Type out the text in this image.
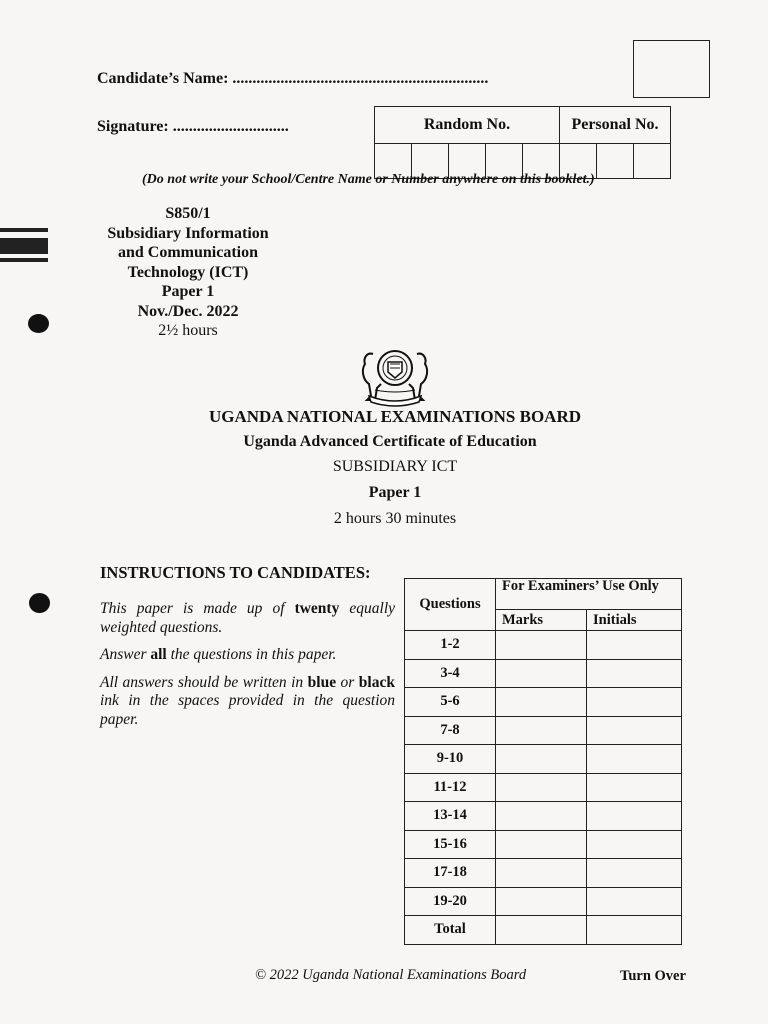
Candidate’s Name: ................................................................
Signature: .............................	Random No.					Personal No.		

(Do not write your School/Centre Name or Number anywhere on this booklet.)
S850/1
Subsidiary Information
and Communication
Technology (ICT)
Paper 1
Nov./Dec. 2022
2½ hours
UGANDA NATIONAL EXAMINATIONS BOARD
Uganda Advanced Certificate of Education
SUBSIDIARY ICT
Paper 1
2 hours 30 minutes
INSTRUCTIONS TO CANDIDATES:

This paper is made up of twenty equally weighted questions.

Answer all the questions in this paper.

All answers should be written in blue or black ink in the spaces provided in the question paper.

Questions	For Examiners’ Use Only	
	Marks	Initials
1-2		
3-4		
5-6		
7-8		
9-10		
11-12		
13-14		
15-16		
17-18		
19-20		
Total		
© 2022 Uganda National Examinations Board	Turn Over
